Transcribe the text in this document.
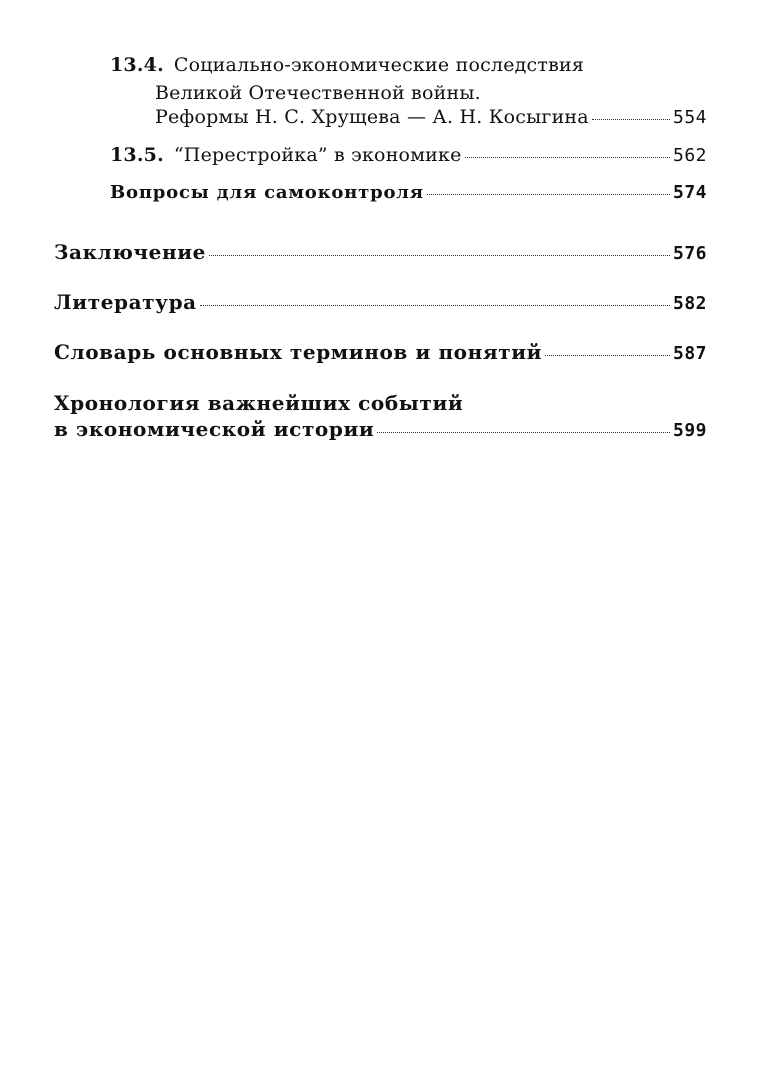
13.4. Социально-экономические последствия
Великой Отечественной войны.
Реформы Н. С. Хрущева — А. Н. Косыгина	554
13.5. “Перестройка” в экономике	562
Вопросы для самоконтроля	574
Заключение	576
Литература	582
Словарь основных терминов и понятий	587
Хронология важнейших событий
в экономической истории	599
